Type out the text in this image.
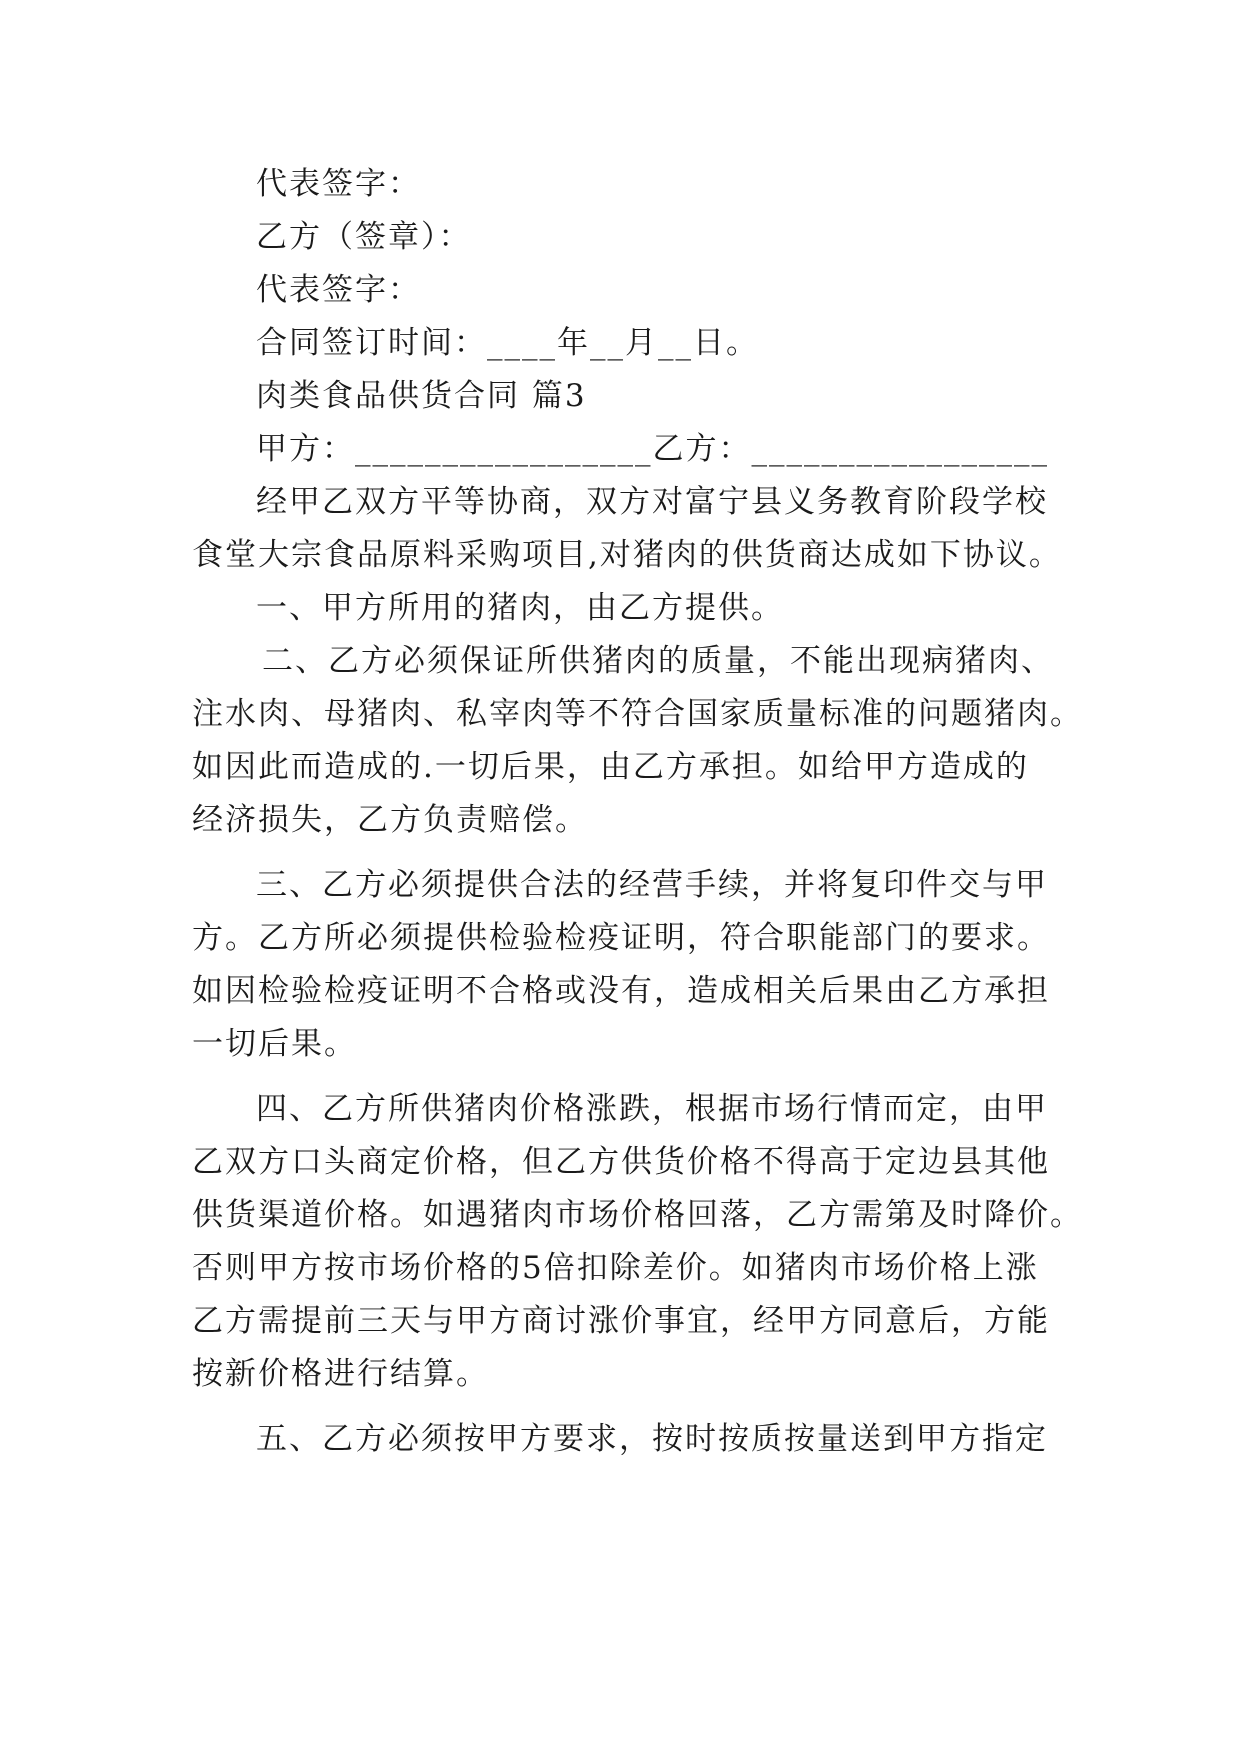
代表签字：
乙方（签章）：
代表签字：
合同签订时间：____年__月__日。
肉类食品供货合同 篇3
甲方：_________________乙方：_________________
经甲乙双方平等协商，双方对富宁县义务教育阶段学校
食堂大宗食品原料采购项目,对猪肉的供货商达成如下协议。
一、甲方所用的猪肉，由乙方提供。
二、乙方必须保证所供猪肉的质量，不能出现病猪肉、
注水肉、母猪肉、私宰肉等不符合国家质量标准的问题猪肉。
如因此而造成的.一切后果，由乙方承担。如给甲方造成的
经济损失，乙方负责赔偿。
三、乙方必须提供合法的经营手续，并将复印件交与甲
方。乙方所必须提供检验检疫证明，符合职能部门的要求。
如因检验检疫证明不合格或没有，造成相关后果由乙方承担
一切后果。
四、乙方所供猪肉价格涨跌，根据市场行情而定，由甲
乙双方口头商定价格，但乙方供货价格不得高于定边县其他
供货渠道价格。如遇猪肉市场价格回落，乙方需第及时降价。
否则甲方按市场价格的5倍扣除差价。如猪肉市场价格上涨
乙方需提前三天与甲方商讨涨价事宜，经甲方同意后，方能
按新价格进行结算。
五、乙方必须按甲方要求，按时按质按量送到甲方指定
